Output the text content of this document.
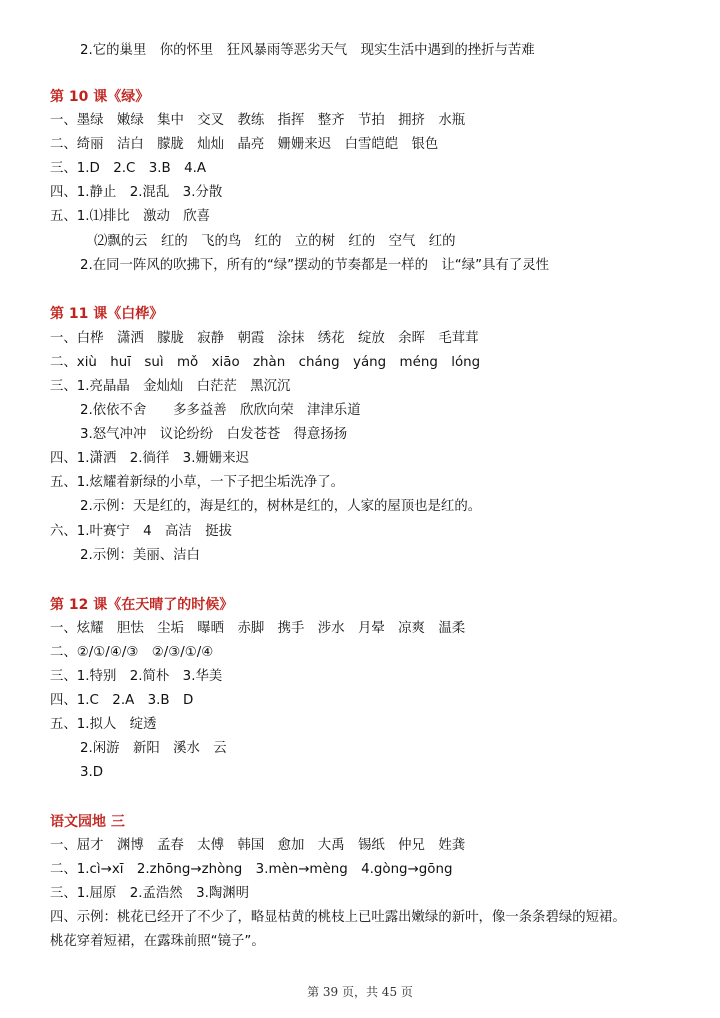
2.它的巢里　你的怀里　狂风暴雨等恶劣天气　现实生活中遇到的挫折与苦难
第 10 课《绿》
一、墨绿　嫩绿　集中　交叉　教练　指挥　整齐　节拍　拥挤　水瓶
二、绮丽　洁白　朦胧　灿灿　晶亮　姗姗来迟　白雪皑皑　银色
三、1.D　2.C　3.B　4.A
四、1.静止　2.混乱　3.分散
五、1.⑴排比　激动　欣喜
⑵飘的云　红的　飞的鸟　红的　立的树　红的　空气　红的
2.在同一阵风的吹拂下，所有的“绿”摆动的节奏都是一样的　让“绿”具有了灵性
第 11 课《白桦》
一、白桦　潇洒　朦胧　寂静　朝霞　涂抹　绣花　绽放　余晖　毛茸茸
二、xiù　huī　suì　mǒ　xiāo　zhàn　cháng　yáng　méng　lóng
三、1.亮晶晶　金灿灿　白茫茫　黑沉沉
2.依依不舍　　多多益善　欣欣向荣　津津乐道
3.怒气冲冲　议论纷纷　白发苍苍　得意扬扬
四、1.潇洒　2.徜徉　3.姗姗来迟
五、1.炫耀着新绿的小草，一下子把尘垢洗净了。
2.示例：天是红的，海是红的，树林是红的，人家的屋顶也是红的。
六、1.叶赛宁　4　高洁　挺拔
2.示例：美丽、洁白
第 12 课《在天晴了的时候》
一、炫耀　胆怯　尘垢　曝晒　赤脚　携手　涉水　月晕　凉爽　温柔
二、②/①/④/③　②/③/①/④
三、1.特别　2.简朴　3.华美
四、1.C　2.A　3.B　D
五、1.拟人　绽透
2.闲游　新阳　溪水　云
3.D
语文园地 三
一、屈才　渊博　孟春　太傅　韩国　愈加　大禹　锡纸　仲兄　姓龚
二、1.cì→xī　2.zhōng→zhòng　3.mèn→mèng　4.gòng→gōng
三、1.屈原　2.孟浩然　3.陶渊明
四、示例：桃花已经开了不少了，略显枯黄的桃枝上已吐露出嫩绿的新叶，像一条条碧绿的短裙。
桃花穿着短裙，在露珠前照“镜子”。
第 39 页，共 45 页
